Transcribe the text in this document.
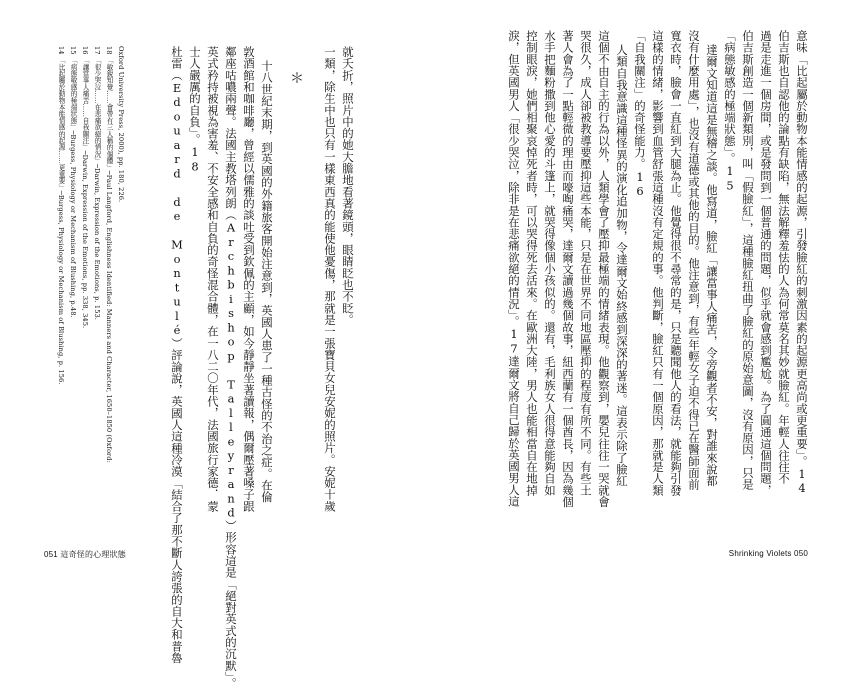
14 「比起屬於動物本能情感的起源……更重要」─Burgess, Physiology or Mechanism of Blushing, p. 156. 15 「病態敏感的極端狀態」─Burgess, Physiology or Mechanism of Blushing, p.48. 16 「讓當事人痛苦……自我關注」─Darwin, Expression of the Emotions, pp. 338, 345. 17 「很少哭泣……在悲痛欲絕的情況」─Darwin, Expression of the Emotions, p. 153. 18 「敏銳知覺……會帶有三人稱的個體」─Paul Langford, Englishness Identified: Manners and Character, 1650–1850 (Oxford: Oxford University Press, 2000), pp. 180, 226.	杜雷（Edouard de Montulé）評論說，英國人這種冷漠「結合了那不斷人誇張的自大和普魯 士人嚴厲的自負」。18 英式矜持被視為害羞、不安全感和自負的奇怪混合體，在一八二〇年代，法國旅行家德．蒙 鄰座咕噥兩聲。法國主教塔列朗（Archbishop Talleyrand）形容這是「絕對英式的沉默」。 敦酒館和咖啡廳，曾經以儒雅的談吐受到欽佩的主顧，如今靜靜坐著讀報，偶爾壓著嗓子跟 十八世紀末期，到英國的外籍旅客開始注意到，英國人患了一種古怪的不治之症。在倫 ＊ 一類，除生中也只有一樣東西真的能使他憂傷，那就是一張寶貝女兒安妮的照片。安妮十歲 就夭折，照片中的她大膽地看著鏡頭，眼睛眨也不眨。	意味「比起屬於動物本能情感的起源，引發臉紅的刺激因素的起源更高尚或更重要」。14
伯吉斯也自認他的論點有缺陷，無法解釋羞怯的人為何常莫名其妙就臉紅。年輕人往往不
過是走進一個房間，或是發問到一個普通的問題，似乎就會感到尷尬。為了圓通這個問題，
伯吉斯創造一個新類別，叫「假臉紅」，這種臉紅扭曲了臉紅的原始意圖，沒有原因，只是
「病態敏感的極端狀態」。15
達爾文知道這是無稽之談。他寫道，臉紅「讓當事人痛苦，令旁觀者不安，對誰來說都
沒有什麼用處」，也沒有道德或其他的目的。他注意到，有些年輕女子迫不得已在醫師面前
寬衣時，臉會一直紅到大腿為止。他覺得很不尋常的是，只是聽聞他人的看法，就能夠引發
這樣的情緒，影響到血管舒張這種沒有定規的事。他判斷，臉紅只有一個原因，那就是人類
「自我關注」的奇怪能力。16
人類自我意識這種怪異的演化追加物，令達爾文始終感到深深的著迷。這表示除了臉紅
這個不由自主的行為以外，人類學會了壓抑最極端的情緒表現。他觀察到，嬰兒往往一哭就會
哭很久，成人卻被教導要壓抑這些本能，只是在世界不同地區壓抑的程度有所不同。有些土
著人會為了一點輕微的理由而嚎啕痛哭，達爾文讀過幾個故事，紐西蘭有一個酋長，因為幾個
水手把麵粉撒到他心愛的斗篷上，就哭得像個小孩似的。還有，毛利族女人很得意能夠自如
控制眼淚，她們相聚哀悼死者時，可以哭得死去活來。在歐洲大陸，男人也能相當自在地掉
淚，但英國男人「很少哭泣，除非是在悲痛欲絕的情況」。17達爾文將自己歸於英國男人這
051 這奇怪的心理狀態	Shrinking Violets 050
